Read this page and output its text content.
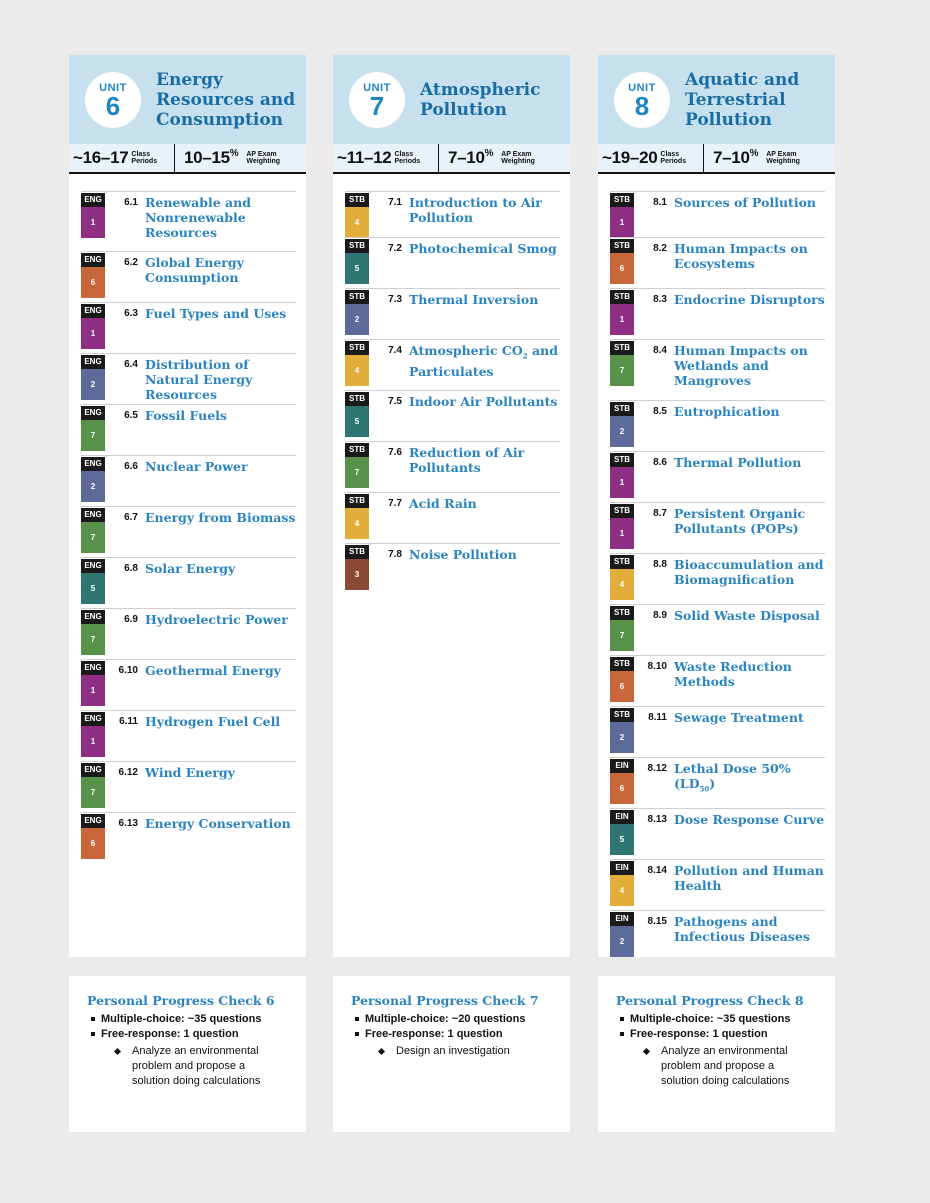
UNIT
6
Energy Resources and Consumption
~16–17 Class Periods 10–15% AP Exam Weighting
ENG
1
6.1 Renewable and Nonrenewable Resources
ENG
6
6.2 Global Energy Consumption
ENG
1
6.3 Fuel Types and Uses
ENG
2
6.4 Distribution of Natural Energy Resources
ENG
7
6.5 Fossil Fuels
ENG
2
6.6 Nuclear Power
ENG
7
6.7 Energy from Biomass
ENG
5
6.8 Solar Energy
ENG
7
6.9 Hydroelectric Power
ENG
1
6.10 Geothermal Energy
ENG
1
6.11 Hydrogen Fuel Cell
ENG
7
6.12 Wind Energy
ENG
6
6.13 Energy Conservation
Personal Progress Check 6
Multiple-choice: ~35 questions
Free-response: 1 question
Analyze an environmental problem and propose a solution doing calculations
UNIT
7
Atmospheric Pollution
~11–12 Class Periods 7–10% AP Exam Weighting
STB
4
7.1 Introduction to Air Pollution
STB
5
7.2 Photochemical Smog
STB
2
7.3 Thermal Inversion
STB
4
7.4 Atmospheric $CO_2$ and Particulates
STB
5
7.5 Indoor Air Pollutants
STB
7
7.6 Reduction of Air Pollutants
STB
4
7.7 Acid Rain
STB
3
7.8 Noise Pollution
Personal Progress Check 7
Multiple-choice: ~20 questions
Free-response: 1 question
Design an investigation
UNIT
8
Aquatic and Terrestrial Pollution
~19–20 Class Periods 7–10% AP Exam Weighting
STB
1
8.1 Sources of Pollution
STB
6
8.2 Human Impacts on Ecosystems
STB
1
8.3 Endocrine Disruptors
STB
7
8.4 Human Impacts on Wetlands and Mangroves
STB
2
8.5 Eutrophication
STB
1
8.6 Thermal Pollution
STB
1
8.7 Persistent Organic Pollutants (POPs)
STB
4
8.8 Bioaccumulation and Biomagnification
STB
7
8.9 Solid Waste Disposal
STB
6
8.10 Waste Reduction Methods
STB
2
8.11 Sewage Treatment
EIN
6
8.12 Lethal Dose 50% $(LD_{50})$
EIN
5
8.13 Dose Response Curve
EIN
4
8.14 Pollution and Human Health
EIN
2
8.15 Pathogens and Infectious Diseases
Personal Progress Check 8
Multiple-choice: ~35 questions
Free-response: 1 question
Analyze an environmental problem and propose a solution doing calculations
